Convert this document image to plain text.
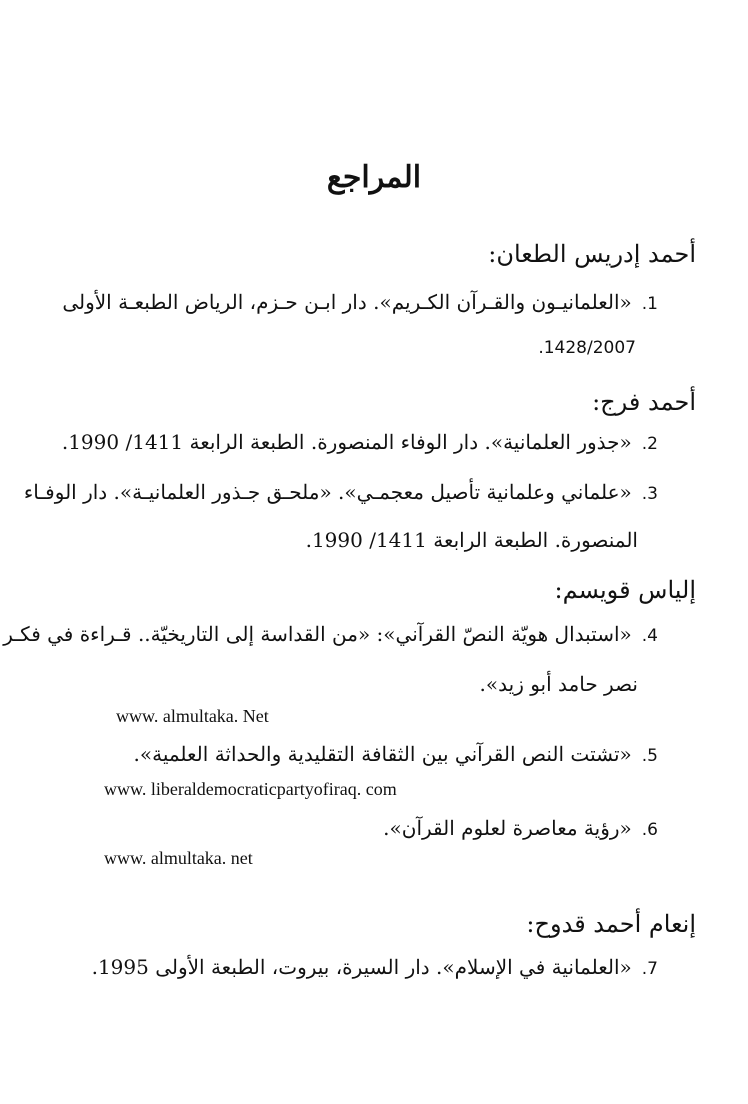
المراجع
أحمد إدريس الطعان:
1.«العلمانيـون والقـرآن الكـريم». دار ابـن حـزم، الرياض الطبعـة الأولى
1428/2007.
أحمد فرج:
2.«جذور العلمانية». دار الوفاء المنصورة. الطبعة الرابعة 1411/ 1990.
3.«علماني وعلمانية تأصيل معجمـي». «ملحـق جـذور العلمانيـة». دار الوفـاء
المنصورة. الطبعة الرابعة 1411/ 1990.
إلياس قويسم:
4.«استبدال هويّة النصّ القرآني»: «من القداسة إلى التاريخيّة.. قـراءة في فكـر
نصر حامد أبو زيد».
www. almultaka. Net
5.«تشتت النص القرآني بين الثقافة التقليدية والحداثة العلمية».
www. liberaldemocraticpartyofiraq. com
6.«رؤية معاصرة لعلوم القرآن».
www. almultaka. net
إنعام أحمد قدوح:
7.«العلمانية في الإسلام». دار السيرة، بيروت، الطبعة الأولى 1995.
